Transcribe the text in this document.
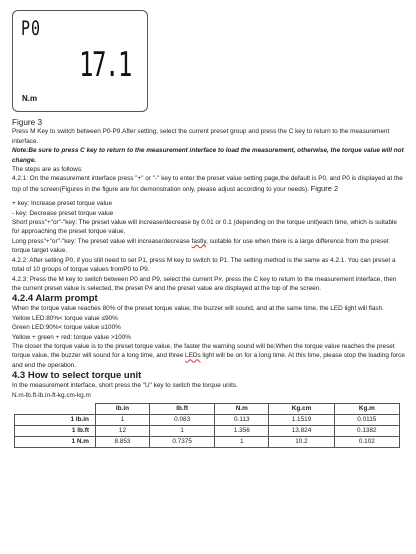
P0
17.1
N.m

Figure 3

Press M Key to switch between P0-P9.After setting, select the current preset group and press the C key to return to the measurement interface.

Note:Be sure to press C key to return to the measurement interface to load the measurement, otherwise, the torque value will not change.

The steps are as follows:

4.2.1: On the measurement interface press "+" or "-" key to enter the preset value setting page,the default is P0, and P0 is displayed at the top of the screen(Figures in the figure are for demonstration only, please adjust according to your needs). Figure 2

+ key: Increase preset torque value

- key: Decrease preset torque value

Short press"+"or"-"key: The preset value will increase/decrease by 0.01 or 0.1 (depending on the torque unit)each time, which is suitable for approaching the preset torque value,

Long press"+"or"-"key: The preset value will increase/decrease fastly, suitable for use when there is a large difference from the preset torque target value.

4.2.2: After setting P0, if you still need to set P1, press M key to switch to P1. The setting method is the same as 4.2.1. You can preset a total of 10 groups of torque values fromP0 to P9.

4.2.3: Press the M key to switch between P0 and P9, select the current P#, press the C key to return to the measurement interface, then the current preset value is selected, the preset P# and the preset value are displayed at the top of the screen.

4.2.4 Alarm prompt

When the torque value reaches 80% of the preset torque value, the buzzer will sound, and at the same time, the LED light will flash.

Yellow LED:80%< torque value ≤90%

Green LED:90%< torque value ≤100%

Yellow + green + red: torque value >100%

The closer the torque value is to the preset torque value, the faster the warning sound will be;When the torque value reaches the preset torque value, the buzzer will sound for a long time, and three LEDs light will be on for a long time. At this time, please stop the loading force and end the operation.

4.3 How to select torque unit

In the measurement interface, short press the "U" key to switch the torque units.

N.m-lb.ft-lb.in-ft-kg.cm-kg.m

	lb.in	lb.ft	N.m	Kg.cm	Kg.m
1 lb.in	1	0.083	0.113	1.1519	0.0115
1 lb.ft	12	1	1.356	13.824	0.1382
1 N.m	8.853	0.7375	1	10.2	0.102
